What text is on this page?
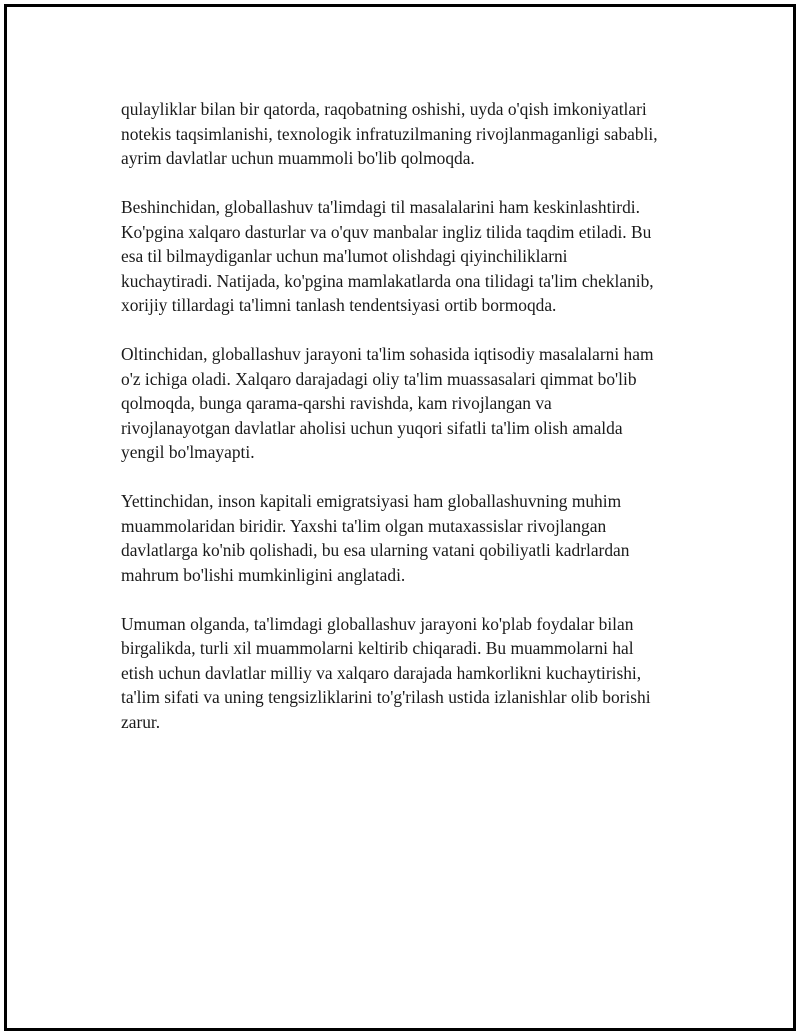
qulayliklar bilan bir qatorda, raqobatning oshishi, uyda o'qish imkoniyatlari
notekis taqsimlanishi, texnologik infratuzilmaning rivojlanmaganligi sababli,
ayrim davlatlar uchun muammoli bo'lib qolmoqda.

Beshinchidan, globallashuv ta'limdagi til masalalarini ham keskinlashtirdi.
Ko'pgina xalqaro dasturlar va o'quv manbalar ingliz tilida taqdim etiladi. Bu
esa til bilmaydiganlar uchun ma'lumot olishdagi qiyinchiliklarni
kuchaytiradi. Natijada, ko'pgina mamlakatlarda ona tilidagi ta'lim cheklanib,
xorijiy tillardagi ta'limni tanlash tendentsiyasi ortib bormoqda.

Oltinchidan, globallashuv jarayoni ta'lim sohasida iqtisodiy masalalarni ham
o'z ichiga oladi. Xalqaro darajadagi oliy ta'lim muassasalari qimmat bo'lib
qolmoqda, bunga qarama-qarshi ravishda, kam rivojlangan va
rivojlanayotgan davlatlar aholisi uchun yuqori sifatli ta'lim olish amalda
yengil bo'lmayapti.

Yettinchidan, inson kapitali emigratsiyasi ham globallashuvning muhim
muammolaridan biridir. Yaxshi ta'lim olgan mutaxassislar rivojlangan
davlatlarga ko'nib qolishadi, bu esa ularning vatani qobiliyatli kadrlardan
mahrum bo'lishi mumkinligini anglatadi.

Umuman olganda, ta'limdagi globallashuv jarayoni ko'plab foydalar bilan
birgalikda, turli xil muammolarni keltirib chiqaradi. Bu muammolarni hal
etish uchun davlatlar milliy va xalqaro darajada hamkorlikni kuchaytirishi,
ta'lim sifati va uning tengsizliklarini to'g'rilash ustida izlanishlar olib borishi
zarur.
